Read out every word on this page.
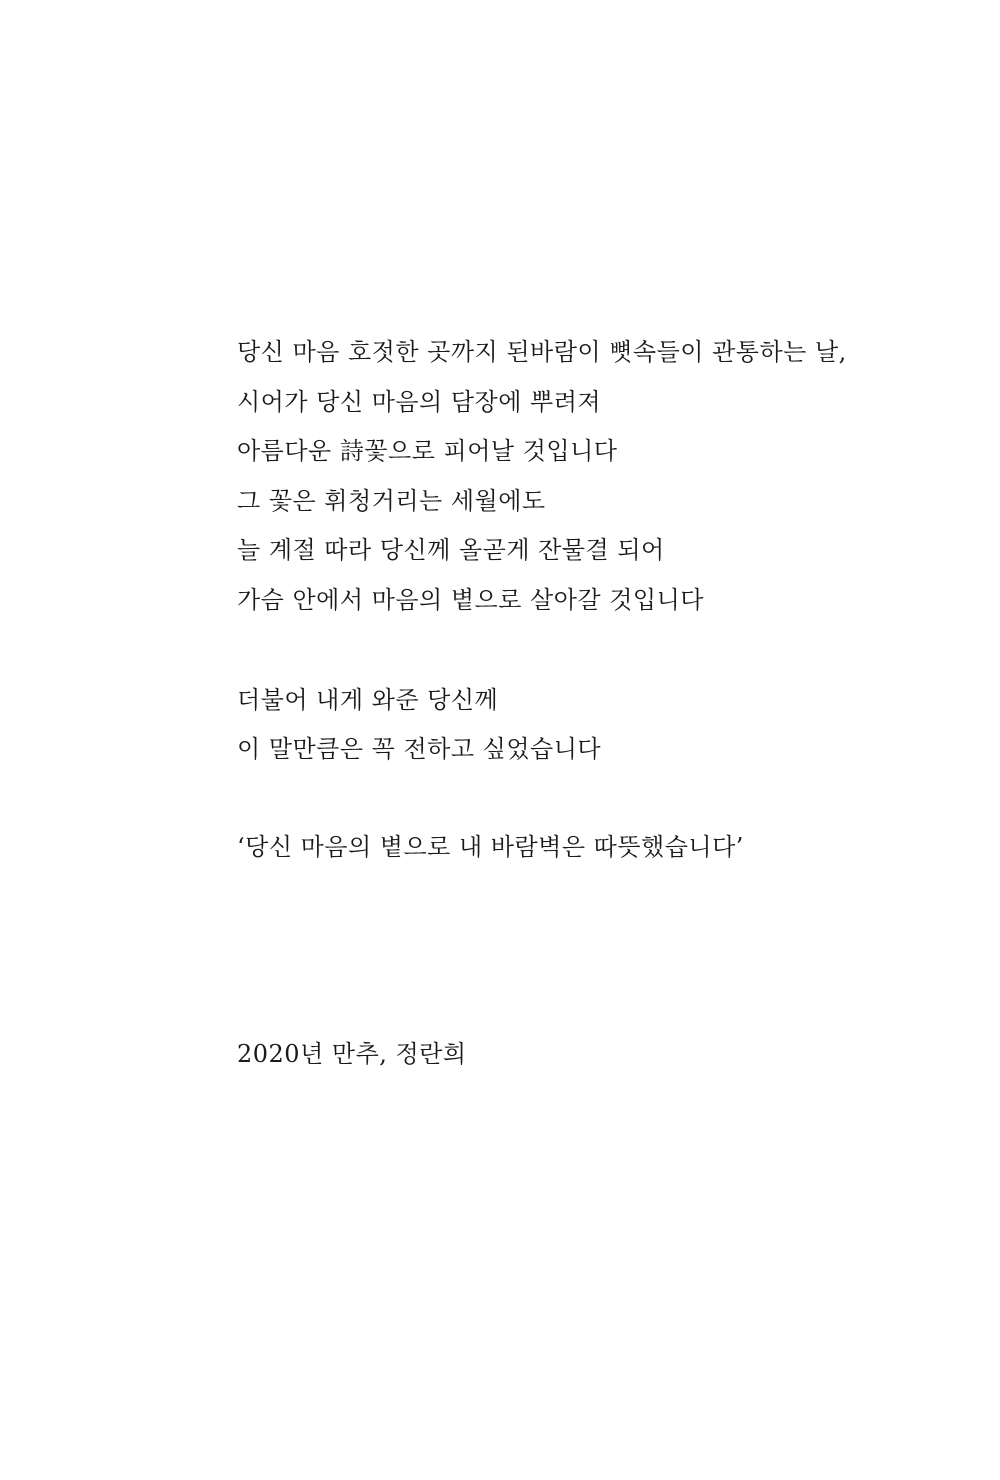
당신 마음 호젓한 곳까지 된바람이 뼛속들이 관통하는 날,
시어가 당신 마음의 담장에 뿌려져
아름다운 詩꽃으로 피어날 것입니다
그 꽃은 휘청거리는 세월에도
늘 계절 따라 당신께 올곧게 잔물결 되어
가슴 안에서 마음의 볕으로 살아갈 것입니다
더불어 내게 와준 당신께
이 말만큼은 꼭 전하고 싶었습니다
‘당신 마음의 볕으로 내 바람벽은 따뜻했습니다’
2020년 만추, 정란희
